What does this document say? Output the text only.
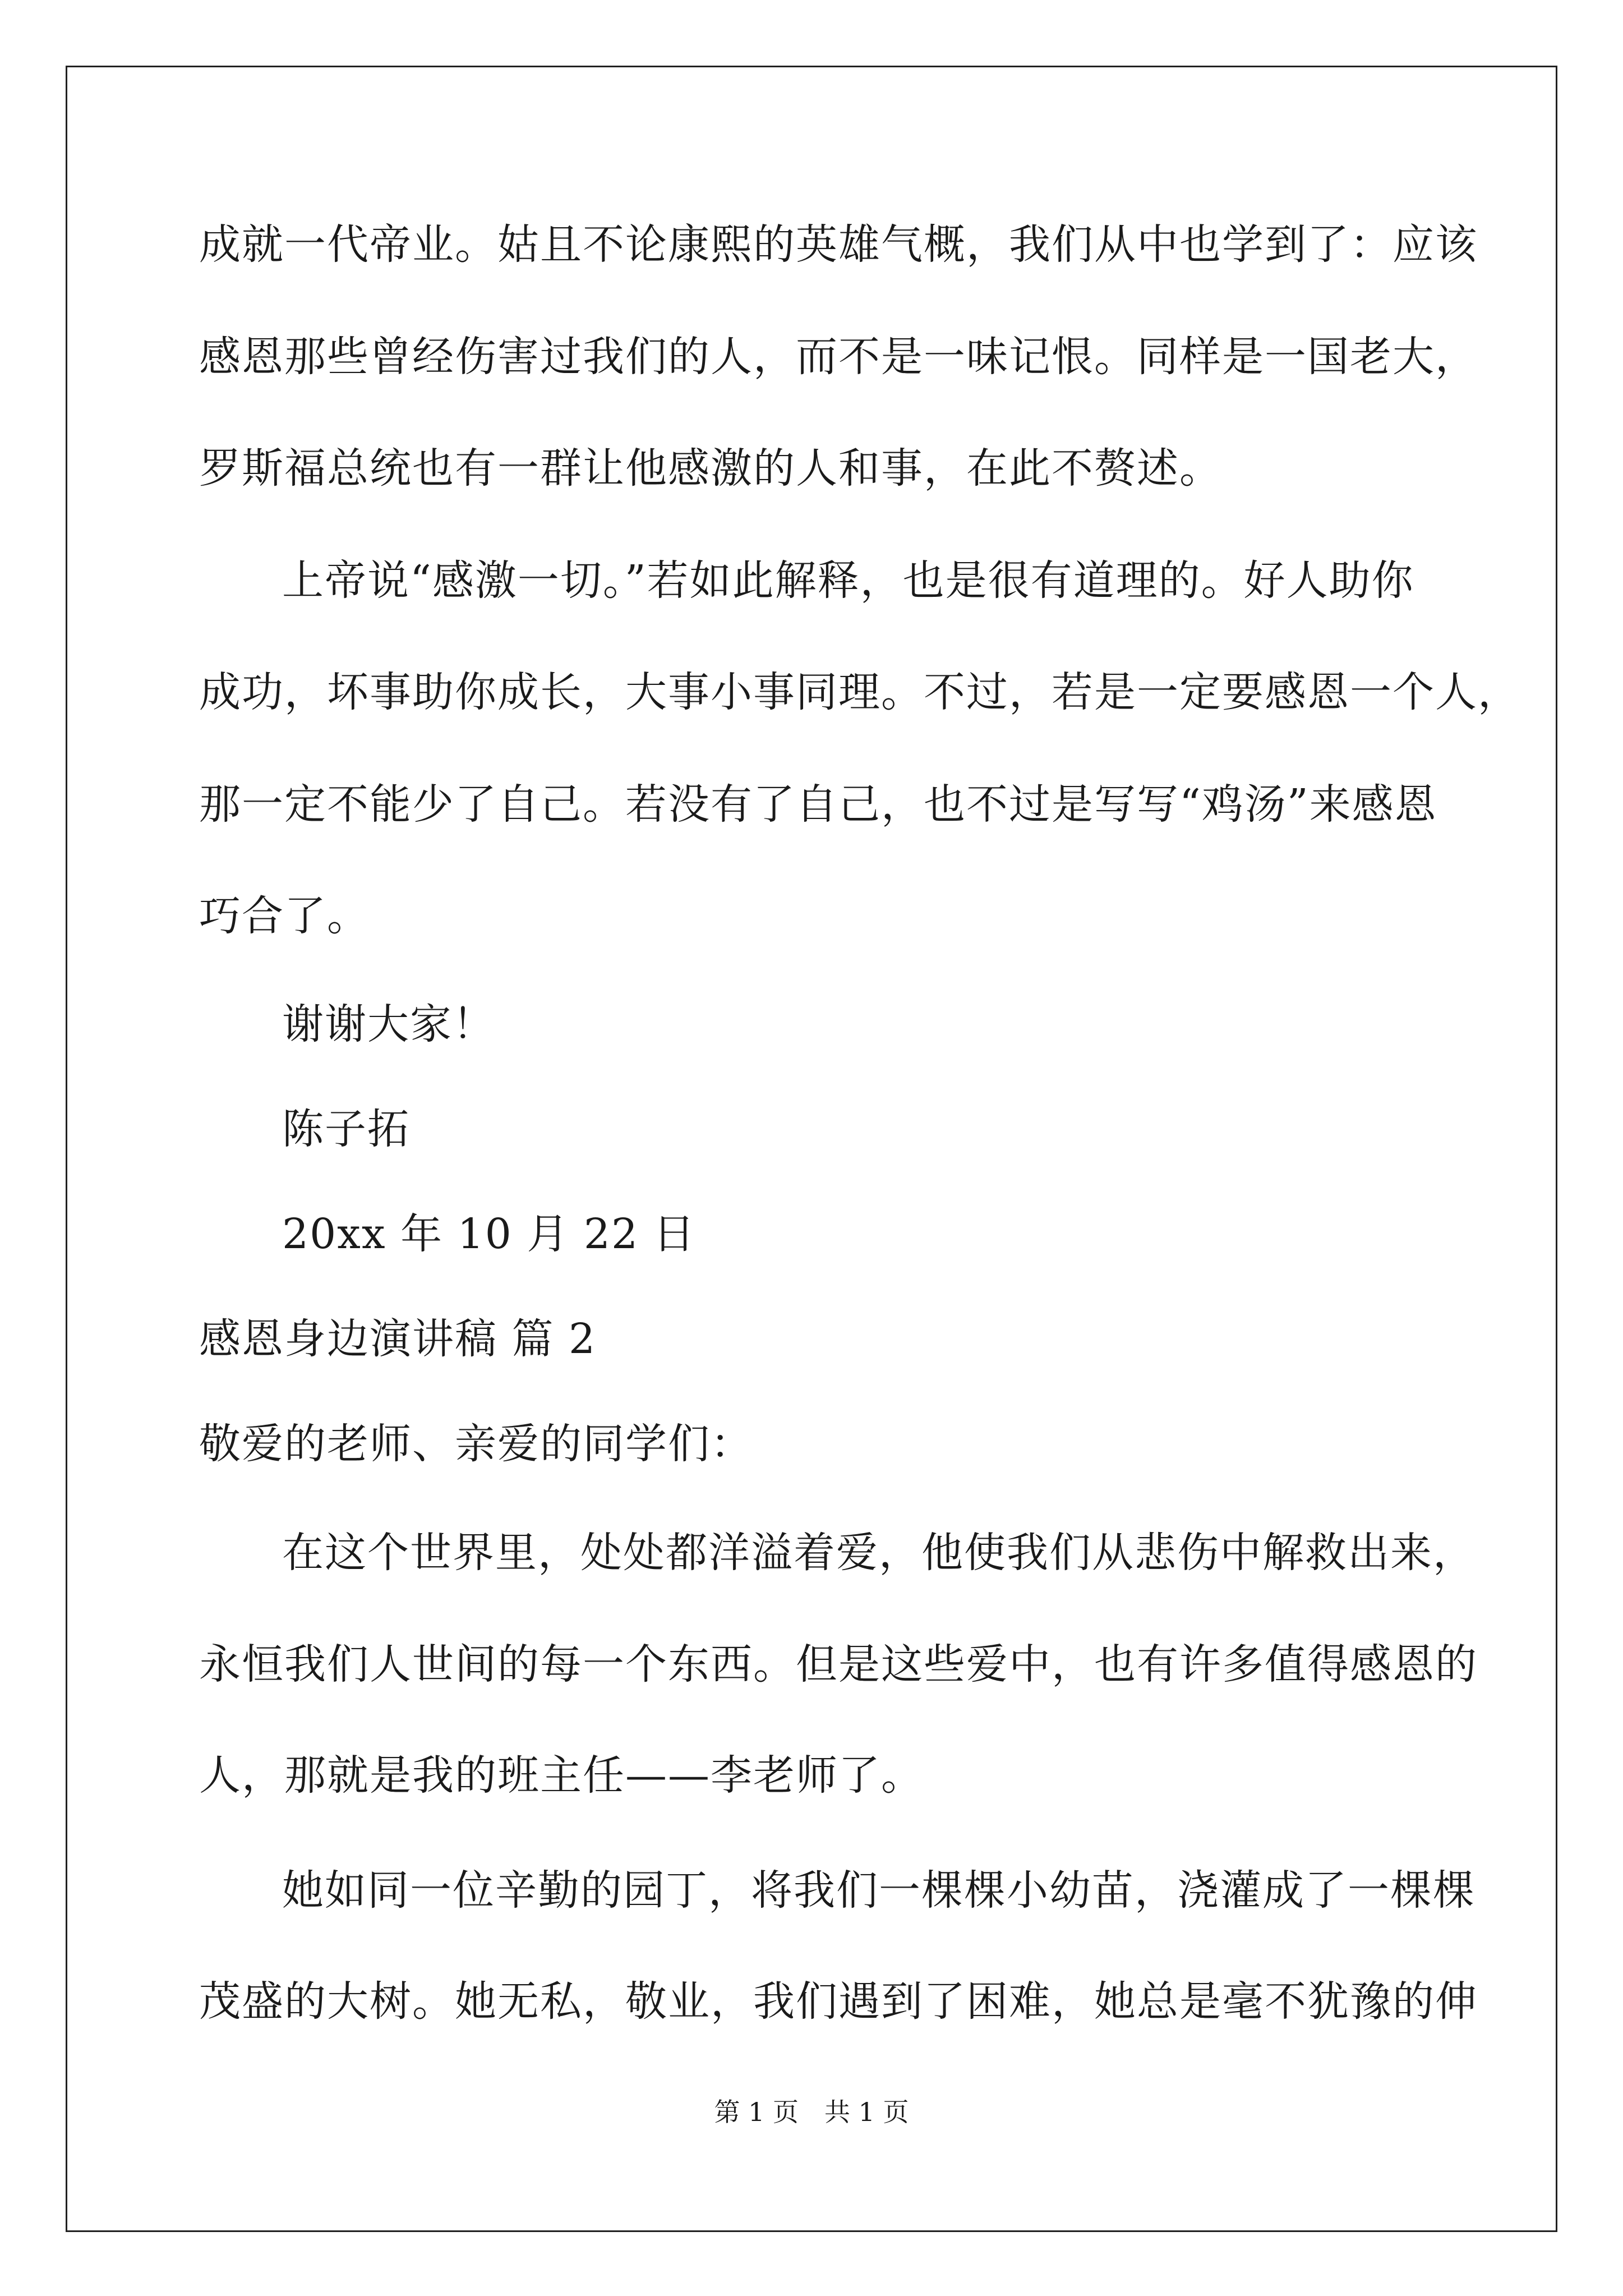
成就一代帝业。姑且不论康熙的英雄气概，我们从中也学到了：应该
感恩那些曾经伤害过我们的人，而不是一味记恨。同样是一国老大，
罗斯福总统也有一群让他感激的人和事，在此不赘述。
上帝说“感激一切。”若如此解释，也是很有道理的。好人助你
成功，坏事助你成长，大事小事同理。不过，若是一定要感恩一个人，
那一定不能少了自己。若没有了自己，也不过是写写“鸡汤”来感恩
巧合了。
谢谢大家！
陈子拓
20xx 年 10 月 22 日
感恩身边演讲稿 篇 2
敬爱的老师、亲爱的同学们：
在这个世界里，处处都洋溢着爱，他使我们从悲伤中解救出来，
永恒我们人世间的每一个东西。但是这些爱中，也有许多值得感恩的
人，那就是我的班主任——李老师了。
她如同一位辛勤的园丁，将我们一棵棵小幼苗，浇灌成了一棵棵
茂盛的大树。她无私，敬业，我们遇到了困难，她总是毫不犹豫的伸
第 1 页　共 1 页
